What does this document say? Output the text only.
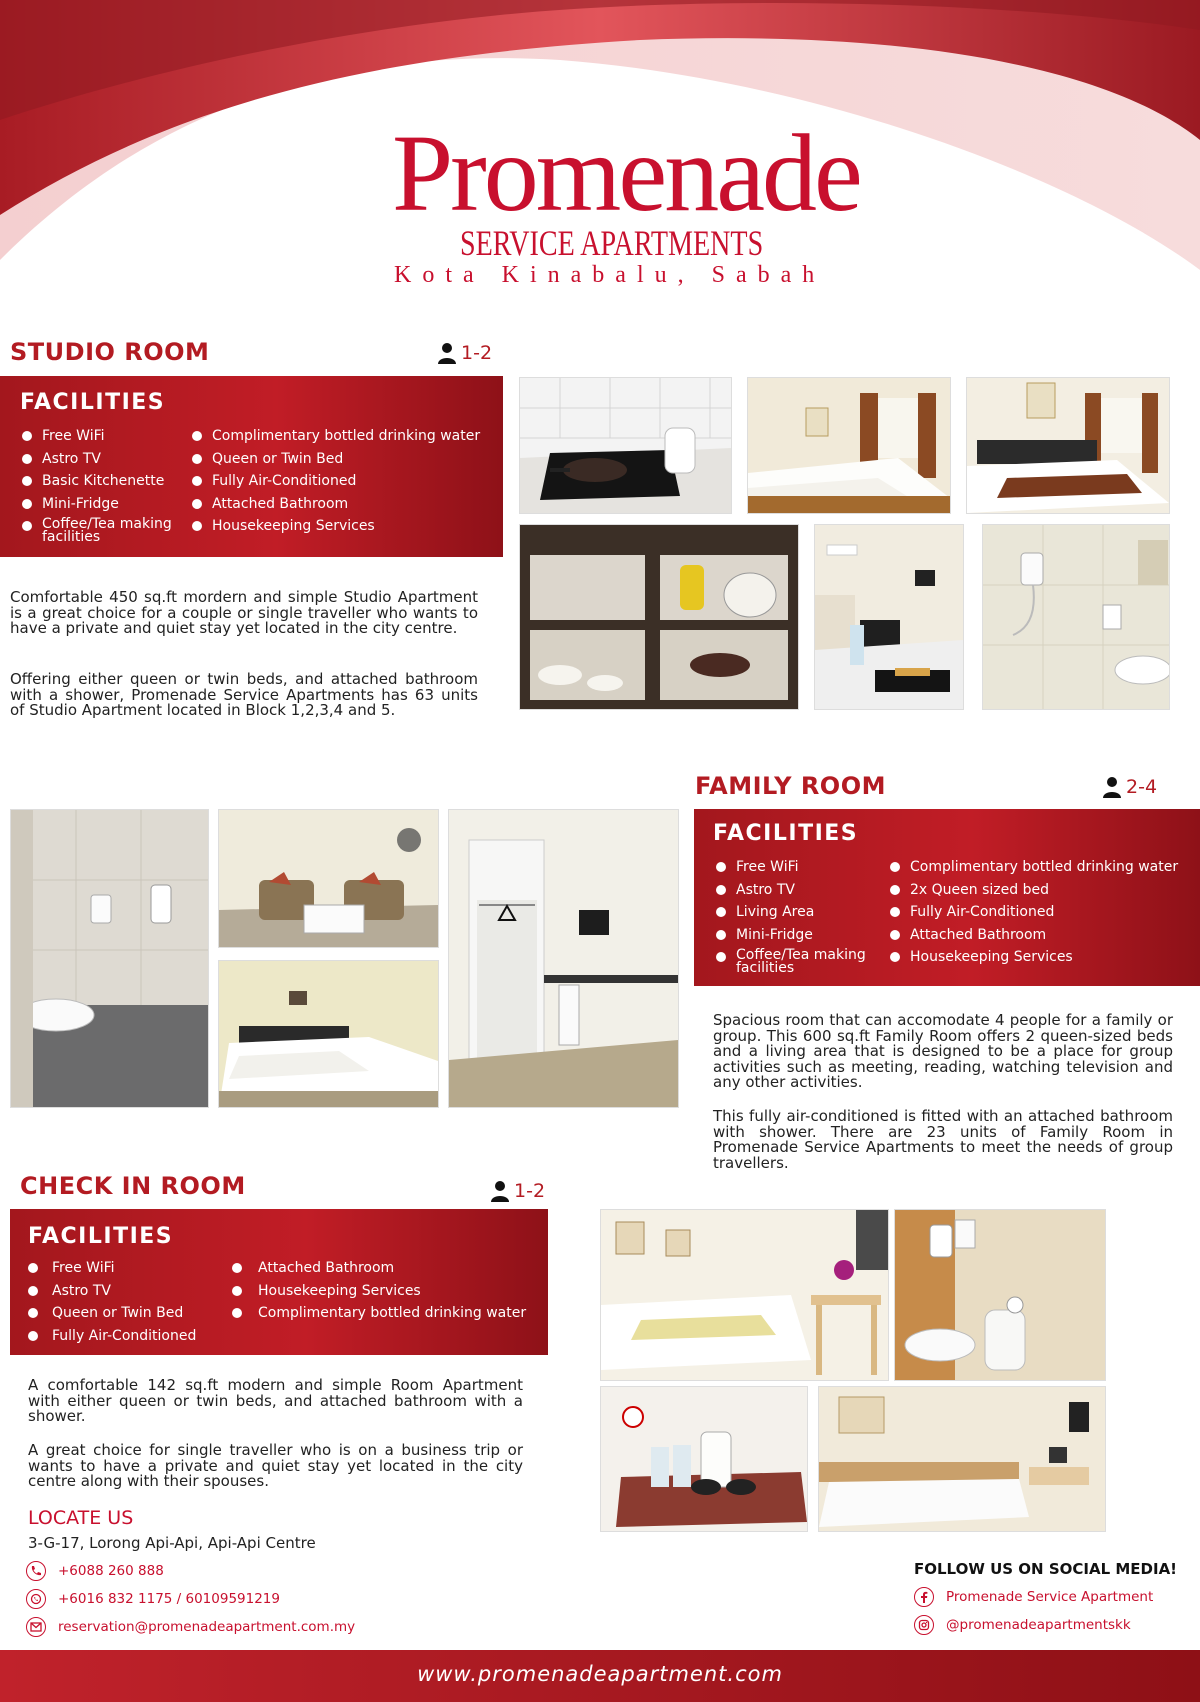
Promenade
SERVICE APARTMENTS
Kota Kinabalu, Sabah
STUDIO ROOM	1-2
FACILITIES
Free WiFi
Astro TV
Basic Kitchenette
Mini-Fridge
Coffee/Tea making facilities
Complimentary bottled drinking water
Queen or Twin Bed
Fully Air-Conditioned
Attached Bathroom
Housekeeping Services

Comfortable 450 sq.ft mordern and simple Studio Apartment is a great choice for a couple or single traveller who wants to have a private and quiet stay yet located in the city centre.

Offering either queen or twin beds, and attached bathroom with a shower, Promenade Service Apartments has 63 units of Studio Apartment located in Block 1,2,3,4 and 5.

FAMILY ROOM	2-4
FACILITIES
Free WiFi
Astro TV
Living Area
Mini-Fridge
Coffee/Tea making facilities
Complimentary bottled drinking water
2x Queen sized bed
Fully Air-Conditioned
Attached Bathroom
Housekeeping Services

Spacious room that can accomodate 4 people for a family or group. This 600 sq.ft Family Room offers 2 queen-sized beds and a living area that is designed to be a place for group activities such as meeting, reading, watching television and any other activities.

This fully air-conditioned is fitted with an attached bathroom with shower. There are 23 units of Family Room in Promenade Service Apartments to meet the needs of group travellers.

CHECK IN ROOM	1-2
FACILITIES
Free WiFi
Astro TV
Queen or Twin Bed
Fully Air-Conditioned
Attached Bathroom
Housekeeping Services
Complimentary bottled drinking water

A comfortable 142 sq.ft modern and simple Room Apartment with either queen or twin beds, and attached bathroom with a shower.

A great choice for single traveller who is on a business trip or wants to have a private and quiet stay yet located in the city centre along with their spouses.

LOCATE US
3-G-17, Lorong Api-Api, Api-Api Centre
+6088 260 888
+6016 832 1175 / 60109591219
reservation@promenadeapartment.com.my
FOLLOW US ON SOCIAL MEDIA!
Promenade Service Apartment
@promenadeapartmentskk
www.promenadeapartment.com
